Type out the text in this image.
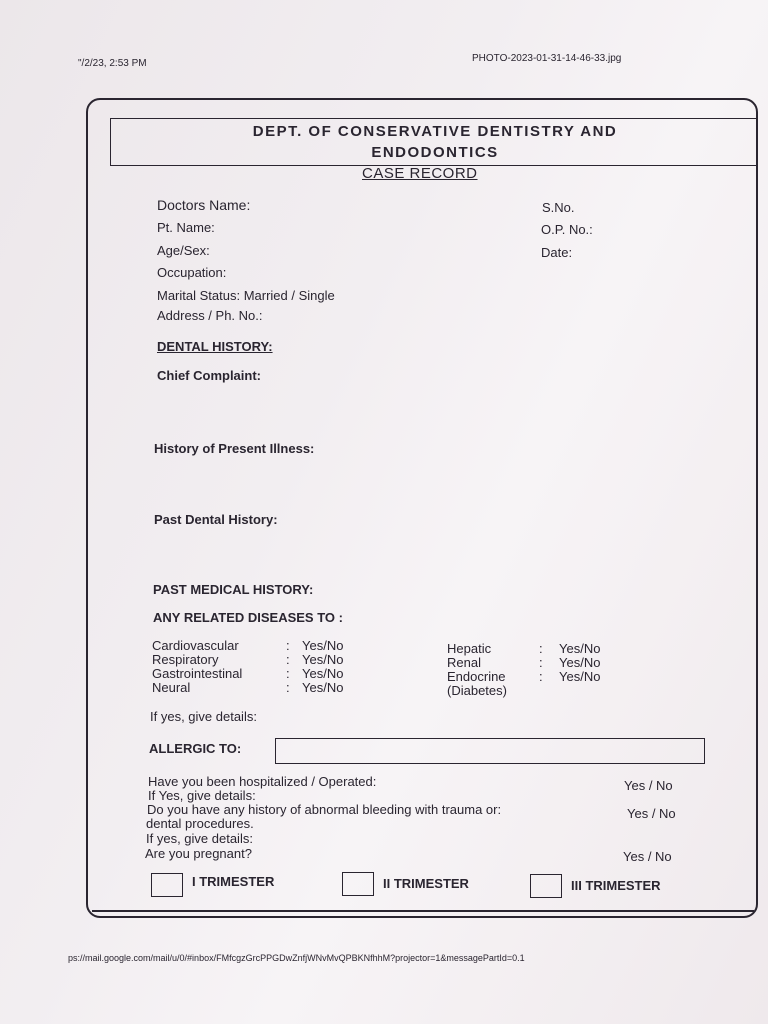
"/2/23, 2:53 PM	PHOTO-2023-01-31-14-46-33.jpg
DEPT. OF CONSERVATIVE DENTISTRY AND
ENDODONTICS
CASE RECORD
Doctors Name:	S.No.
Pt. Name:	O.P. No.:
Age/Sex:	Date:
Occupation:
Marital Status: Married / Single
Address / Ph. No.:
DENTAL HISTORY:
Chief Complaint:
History of Present Illness:
Past Dental History:
PAST MEDICAL HISTORY:
ANY RELATED DISEASES TO :
Cardiovascular	: Yes/No
Respiratory	: Yes/No
Gastrointestinal	: Yes/No
Neural	: Yes/No
Hepatic	:	Yes/No
Renal	:	Yes/No
Endocrine	:	Yes/No
(Diabetes)
If yes, give details:
ALLERGIC TO:
Have you been hospitalized / Operated:	Yes / No
If Yes, give details:
Do you have any history of abnormal bleeding with trauma or:	Yes / No
dental procedures.
If yes, give details:
Are you pregnant?	Yes / No
I TRIMESTER	II TRIMESTER	III TRIMESTER
ps://mail.google.com/mail/u/0/#inbox/FMfcgzGrcPPGDwZnfjWNvMvQPBKNfhhM?projector=1&messagePartId=0.1
